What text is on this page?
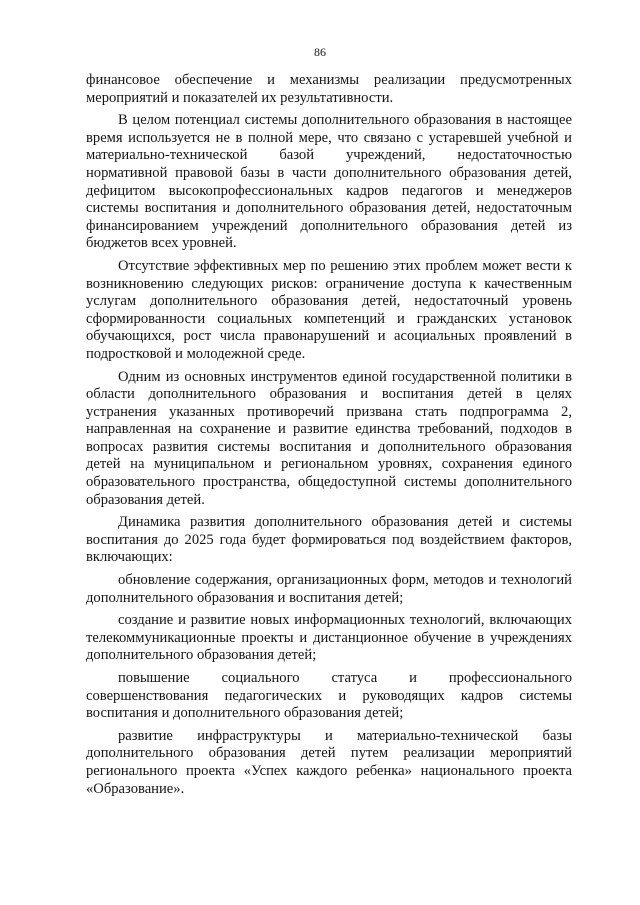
86

финансовое обеспечение и механизмы реализации предусмотренных мероприятий и показателей их результативности.

В целом потенциал системы дополнительного образования в настоящее время используется не в полной мере, что связано с устаревшей учебной и материально-технической базой учреждений, недостаточностью нормативной правовой базы в части дополнительного образования детей, дефицитом высокопрофессиональных кадров педагогов и менеджеров системы воспитания и дополнительного образования детей, недостаточным финансированием учреждений дополнительного образования детей из бюджетов всех уровней.

Отсутствие эффективных мер по решению этих проблем может вести к возникновению следующих рисков: ограничение доступа к качественным услугам дополнительного образования детей, недостаточный уровень сформированности социальных компетенций и гражданских установок обучающихся, рост числа правонарушений и асоциальных проявлений в подростковой и молодежной среде.

Одним из основных инструментов единой государственной политики в области дополнительного образования и воспитания детей в целях устранения указанных противоречий призвана стать подпрограмма 2, направленная на сохранение и развитие единства требований, подходов в вопросах развития системы воспитания и дополнительного образования детей на муниципальном и региональном уровнях, сохранения единого образовательного пространства, общедоступной системы дополнительного образования детей.

Динамика развития дополнительного образования детей и системы воспитания до 2025 года будет формироваться под воздействием факторов, включающих:

обновление содержания, организационных форм, методов и технологий дополнительного образования и воспитания детей;

создание и развитие новых информационных технологий, включающих телекоммуникационные проекты и дистанционное обучение в учреждениях дополнительного образования детей;

повышение социального статуса и профессионального совершенствования педагогических и руководящих кадров системы воспитания и дополнительного образования детей;

развитие инфраструктуры и материально-технической базы дополнительного образования детей путем реализации мероприятий регионального проекта «Успех каждого ребенка» национального проекта «Образование».
